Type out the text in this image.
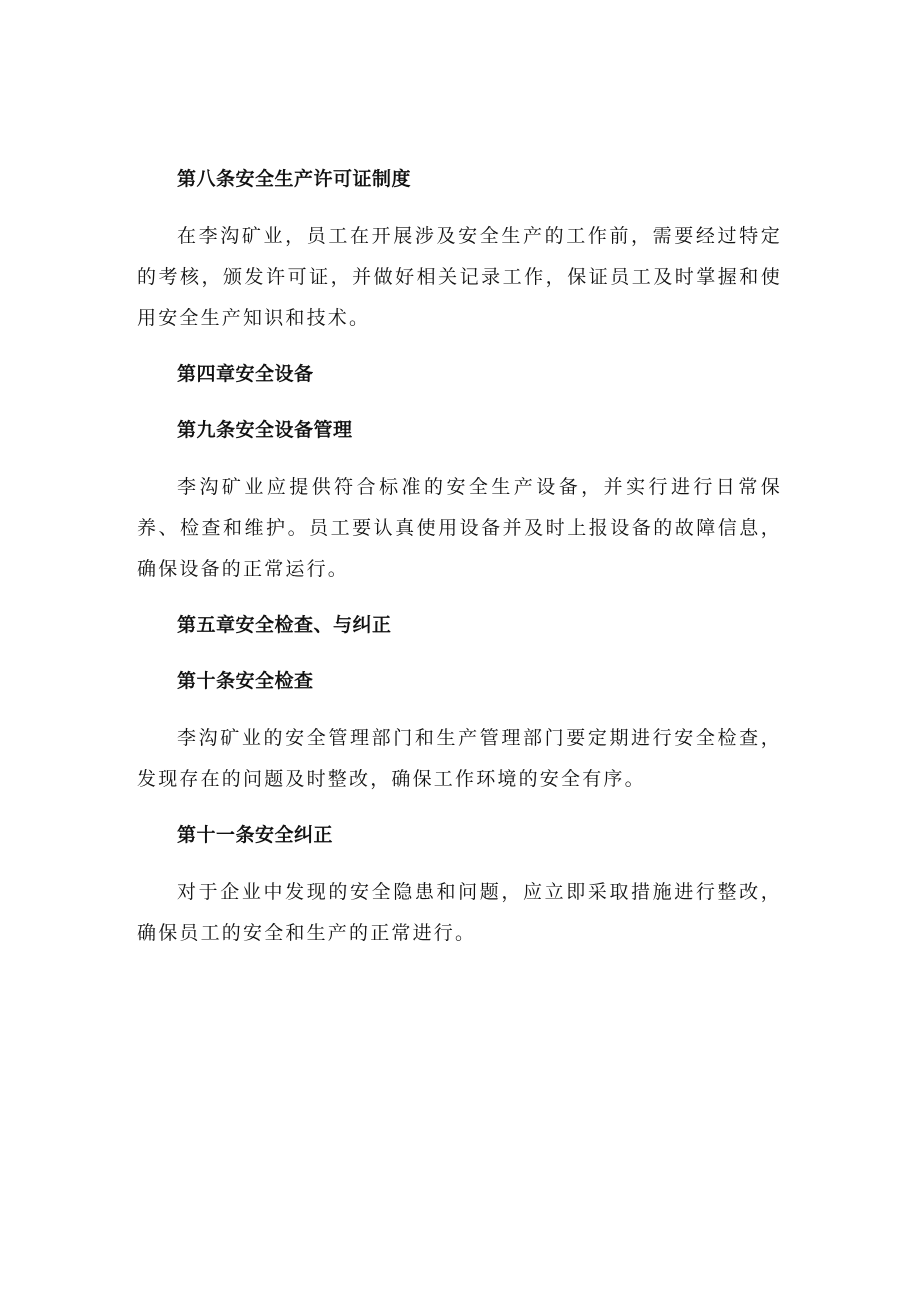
第八条安全生产许可证制度

在李沟矿业，员工在开展涉及安全生产的工作前，需要经过特定的考核，颁发许可证，并做好相关记录工作，保证员工及时掌握和使用安全生产知识和技术。

第四章安全设备

第九条安全设备管理

李沟矿业应提供符合标准的安全生产设备，并实行进行日常保养、检查和维护。员工要认真使用设备并及时上报设备的故障信息，确保设备的正常运行。

第五章安全检查、与纠正

第十条安全检查

李沟矿业的安全管理部门和生产管理部门要定期进行安全检查，发现存在的问题及时整改，确保工作环境的安全有序。

第十一条安全纠正

对于企业中发现的安全隐患和问题，应立即采取措施进行整改，确保员工的安全和生产的正常进行。
